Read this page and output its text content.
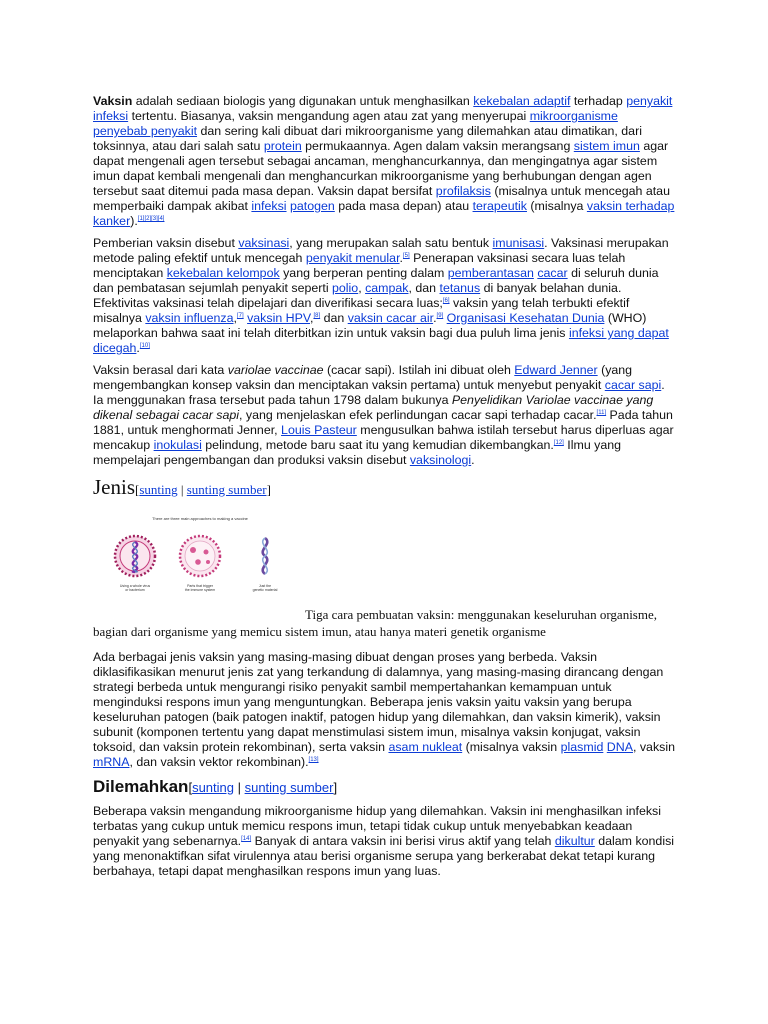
Vaksin adalah sediaan biologis yang digunakan untuk menghasilkan kekebalan adaptif terhadap penyakit infeksi tertentu. Biasanya, vaksin mengandung agen atau zat yang menyerupai mikroorganisme penyebab penyakit dan sering kali dibuat dari mikroorganisme yang dilemahkan atau dimatikan, dari toksinnya, atau dari salah satu protein permukaannya. Agen dalam vaksin merangsang sistem imun agar dapat mengenali agen tersebut sebagai ancaman, menghancurkannya, dan mengingatnya agar sistem imun dapat kembali mengenali dan menghancurkan mikroorganisme yang berhubungan dengan agen tersebut saat ditemui pada masa depan. Vaksin dapat bersifat profilaksis (misalnya untuk mencegah atau memperbaiki dampak akibat infeksi patogen pada masa depan) atau terapeutik (misalnya vaksin terhadap kanker).[1][2][3][4]

Pemberian vaksin disebut vaksinasi, yang merupakan salah satu bentuk imunisasi. Vaksinasi merupakan metode paling efektif untuk mencegah penyakit menular.[5] Penerapan vaksinasi secara luas telah menciptakan kekebalan kelompok yang berperan penting dalam pemberantasan cacar di seluruh dunia dan pembatasan sejumlah penyakit seperti polio, campak, dan tetanus di banyak belahan dunia. Efektivitas vaksinasi telah dipelajari dan diverifikasi secara luas;[6] vaksin yang telah terbukti efektif misalnya vaksin influenza,[7] vaksin HPV,[8] dan vaksin cacar air.[9] Organisasi Kesehatan Dunia (WHO) melaporkan bahwa saat ini telah diterbitkan izin untuk vaksin bagi dua puluh lima jenis infeksi yang dapat dicegah.[10]

Vaksin berasal dari kata variolae vaccinae (cacar sapi). Istilah ini dibuat oleh Edward Jenner (yang mengembangkan konsep vaksin dan menciptakan vaksin pertama) untuk menyebut penyakit cacar sapi. Ia menggunakan frasa tersebut pada tahun 1798 dalam bukunya Penyelidikan Variolae vaccinae yang dikenal sebagai cacar sapi, yang menjelaskan efek perlindungan cacar sapi terhadap cacar.[11] Pada tahun 1881, untuk menghormati Jenner, Louis Pasteur mengusulkan bahwa istilah tersebut harus diperluas agar mencakup inokulasi pelindung, metode baru saat itu yang kemudian dikembangkan.[12] Ilmu yang mempelajari pengembangan dan produksi vaksin disebut vaksinologi.

Jenis[sunting | sunting sumber]
There are three main approaches to making a vaccine
Using a whole virus
or bacterium
Parts that trigger
the immune system
Just the
genetic material

Tiga cara pembuatan vaksin: menggunakan keseluruhan organisme, bagian dari organisme yang memicu sistem imun, atau hanya materi genetik organisme

Ada berbagai jenis vaksin yang masing-masing dibuat dengan proses yang berbeda. Vaksin diklasifikasikan menurut jenis zat yang terkandung di dalamnya, yang masing-masing dirancang dengan strategi berbeda untuk mengurangi risiko penyakit sambil mempertahankan kemampuan untuk menginduksi respons imun yang menguntungkan. Beberapa jenis vaksin yaitu vaksin yang berupa keseluruhan patogen (baik patogen inaktif, patogen hidup yang dilemahkan, dan vaksin kimerik), vaksin subunit (komponen tertentu yang dapat menstimulasi sistem imun, misalnya vaksin konjugat, vaksin toksoid, dan vaksin protein rekombinan), serta vaksin asam nukleat (misalnya vaksin plasmid DNA, vaksin mRNA, dan vaksin vektor rekombinan).[13]

Dilemahkan[sunting | sunting sumber]

Beberapa vaksin mengandung mikroorganisme hidup yang dilemahkan. Vaksin ini menghasilkan infeksi terbatas yang cukup untuk memicu respons imun, tetapi tidak cukup untuk menyebabkan keadaan penyakit yang sebenarnya.[14] Banyak di antara vaksin ini berisi virus aktif yang telah dikultur dalam kondisi yang menonaktifkan sifat virulennya atau berisi organisme serupa yang berkerabat dekat tetapi kurang berbahaya, tetapi dapat menghasilkan respons imun yang luas.
